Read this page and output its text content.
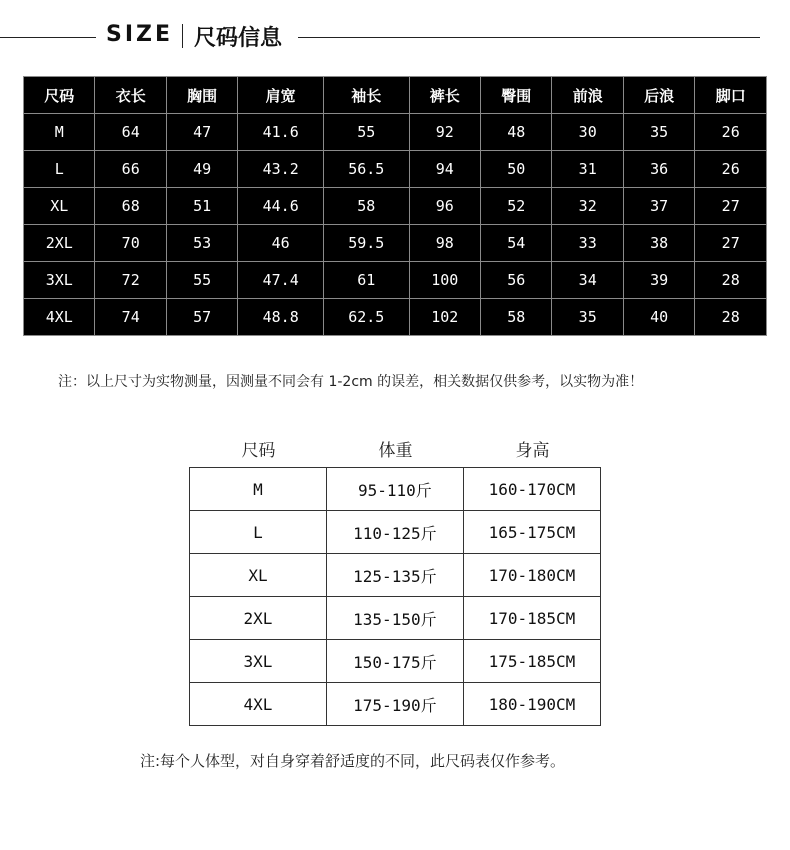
SIZE 尺码信息
尺码	衣长	胸围	肩宽	袖长	裤长	臀围	前浪	后浪	脚口
M	64	47	41.6	55	92	48	30	35	26
L	66	49	43.2	56.5	94	50	31	36	26
XL	68	51	44.6	58	96	52	32	37	27
2XL	70	53	46	59.5	98	54	33	38	27
3XL	72	55	47.4	61	100	56	34	39	28
4XL	74	57	48.8	62.5	102	58	35	40	28
注：以上尺寸为实物测量，因测量不同会有 1-2cm 的误差，相关数据仅供参考，以实物为准！
尺码	体重	身高
M	95-110斤	160-170CM
L	110-125斤	165-175CM
XL	125-135斤	170-180CM
2XL	135-150斤	170-185CM
3XL	150-175斤	175-185CM
4XL	175-190斤	180-190CM
注:每个人体型，对自身穿着舒适度的不同，此尺码表仅作参考。
